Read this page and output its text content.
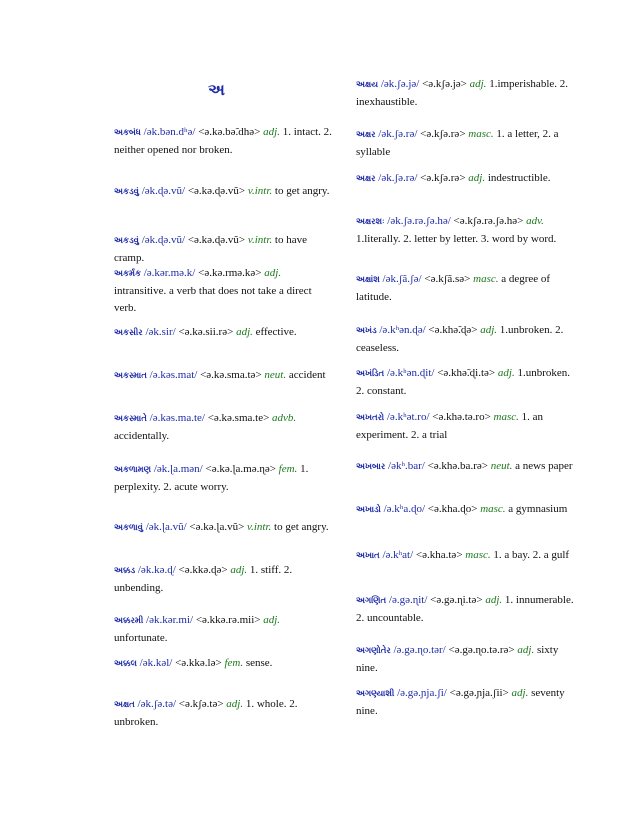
અ
અકબંધ /ək.bən.dʰə/ <ə.kə.bə̃.dhə> adj. 1. intact. 2. neither opened nor broken.
અકડવું /ək.ɖə.vũ/ <ə.kə.ɖə.vũ> v.intr. to get angry.
અકડવું /ək.ɖə.vũ/ <ə.kə.ɖə.vũ> v.intr. to have cramp.
અકર્મક /ə.kər.mə.k/ <ə.kə.rmə.kə> adj. intransitive. a verb that does not take a direct verb.
અકસીર /ək.sir/ <ə.kə.sii.rə> adj. effective.
અકસ્માત /ə.kəs.mat/ <ə.kə.sma.tə> neut. accident
અકસ્માતે /ə.kəs.ma.te/ <ə.kə.sma.te> advb. accidentally.
અકળામણ /ək.ɭa.mən/ <ə.kə.ɭa.mə.ɳə> fem. 1. perplexity. 2. acute worry.
અકળાવું /ək.ɭa.vũ/ <ə.kə.ɭa.vũ> v.intr. to get angry.
અક્કડ /ək.kə.ɖ/ <ə.kkə.ɖə> adj. 1. stiff. 2. unbending.
અક્કરમી /ək.kər.mi/ <ə.kkə.rə.mii> adj. unfortunate.
અક્કલ /ək.kəl/ <ə.kkə.lə> fem. sense.
અક્ષત /ək.ʃə.tə/ <ə.kʃə.tə> adj. 1. whole. 2. unbroken.
અક્ષય /ək.ʃə.jə/ <ə.kʃə.jə> adj. 1.imperishable. 2. inexhaustible.
અક્ષર /ək.ʃə.rə/ <ə.kʃə.rə> masc. 1. a letter, 2. a syllable
અક્ષર /ək.ʃə.rə/ <ə.kʃə.rə> adj. indestructible.
અક્ષરશઃ /ək.ʃə.rə.ʃə.hə/ <ə.kʃə.rə.ʃə.hə> adv. 1.literally. 2. letter by letter. 3. word by word.
અક્ષાંશ /ək.ʃã.ʃə/ <ə.kʃã.sə> masc. a degree of latitude.
અખંડ /ə.kʰən.ɖə/ <ə.khə̃.ɖə> adj. 1.unbroken. 2. ceaseless.
અખંડિત /ə.kʰən.ɖit/ <ə.khə̃.ɖi.tə> adj. 1.unbroken. 2. constant.
અખતરો /ə.kʰət.ro/ <ə.khə.tə.ro> masc. 1. an experiment. 2. a trial
અખબાર /əkʰ.bar/ <ə.khə.ba.rə> neut. a news paper
અખાડો /ə.kʰa.ɖo/ <ə.kha.ɖo> masc. a gymnasium
અખાત /ə.kʰat/ <ə.kha.tə> masc. 1. a bay. 2. a gulf
અગણિત /ə.gə.ɳit/ <ə.gə.ɳi.tə> adj. 1. innumerable. 2. uncountable.
અગણોતેર /ə.gə.ɳo.tər/ <ə.gə.ɳo.tə.rə> adj. sixty nine.
અગણ્યાશી /ə.gə.ɲja.ʃi/ <ə.gə.ɲja.ʃii> adj. seventy nine.
